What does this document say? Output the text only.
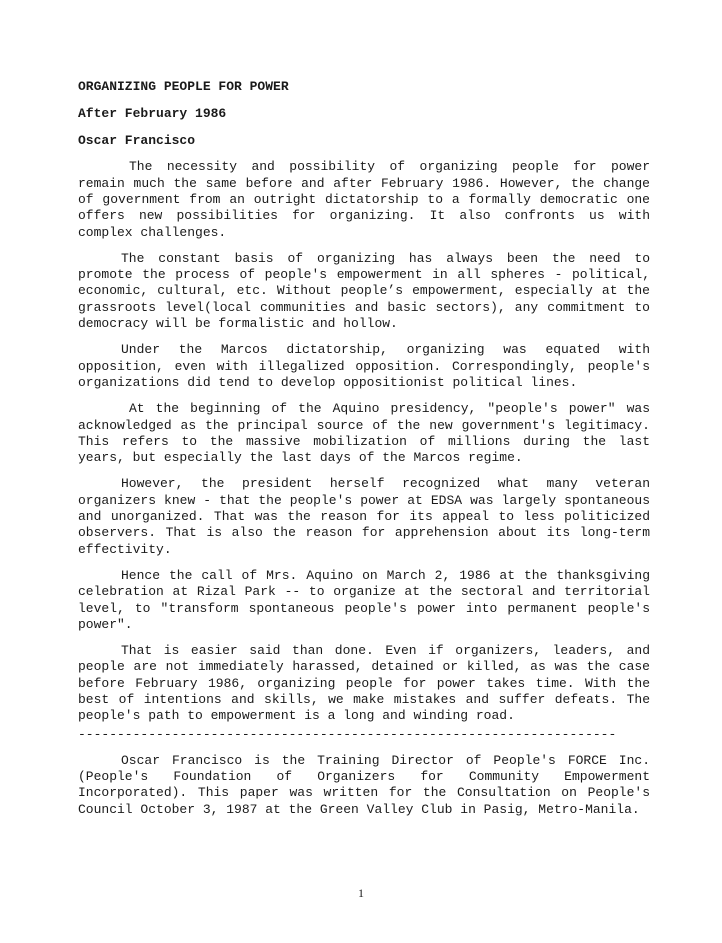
ORGANIZING PEOPLE FOR POWER
After February 1986
Oscar Francisco

The necessity and possibility of organizing people for power remain much the same before and after February 1986. However, the change of government from an outright dictatorship to a formally democratic one offers new possibilities for organizing. It also confronts us with complex challenges.

The constant basis of organizing has always been the need to promote the process of people's empowerment in all spheres - political, economic, cultural, etc. Without people’s empowerment, especially at the grassroots level(local communities and basic sectors), any commitment to democracy will be formalistic and hollow.

Under the Marcos dictatorship, organizing was equated with opposition, even with illegalized opposition. Correspondingly, people's organizations did tend to develop oppositionist political lines.

At the beginning of the Aquino presidency, "people's power" was acknowledged as the principal source of the new government's legitimacy. This refers to the massive mobilization of millions during the last years, but especially the last days of the Marcos regime.

However, the president herself recognized what many veteran organizers knew - that the people's power at EDSA was largely spontaneous and unorganized. That was the reason for its appeal to less politicized observers. That is also the reason for apprehension about its long-term effectivity.

Hence the call of Mrs. Aquino on March 2, 1986 at the thanksgiving celebration at Rizal Park -- to organize at the sectoral and territorial level, to "transform spontaneous people's power into permanent people's power".

That is easier said than done. Even if organizers, leaders, and people are not immediately harassed, detained or killed, as was the case before February 1986, organizing people for power takes time. With the best of intentions and skills, we make mistakes and suffer defeats. The people's path to empowerment is a long and winding road.

---------------------------------------------------------------------

Oscar Francisco is the Training Director of People's FORCE Inc. (People's Foundation of Organizers for Community Empowerment Incorporated). This paper was written for the Consultation on People's Council October 3, 1987 at the Green Valley Club in Pasig, Metro-Manila.

1
